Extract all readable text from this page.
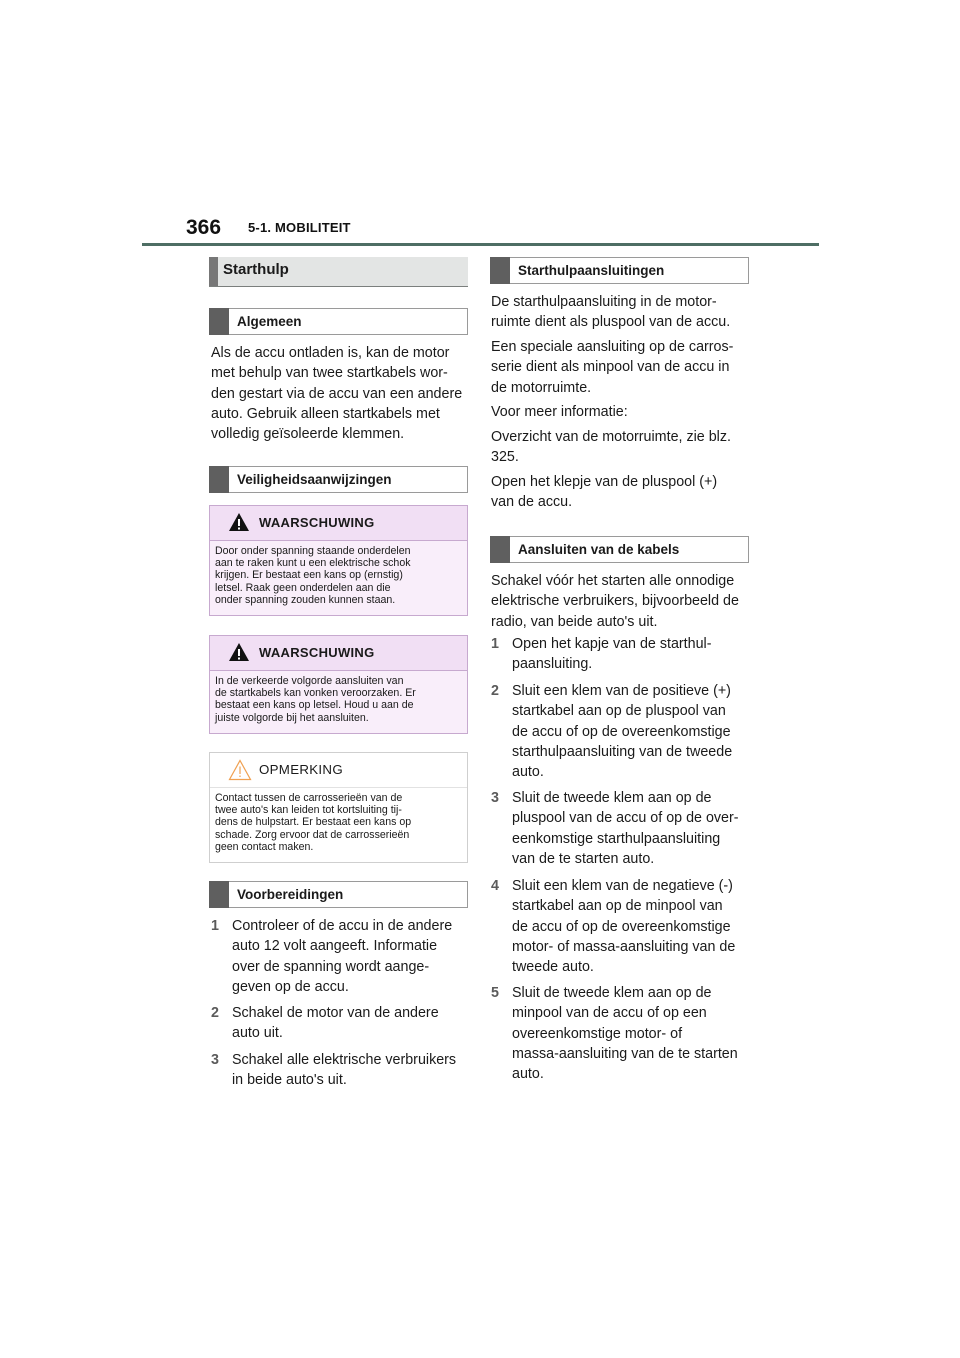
366 5-1. MOBILITEIT
Starthulp
Algemeen
Als de accu ontladen is, kan de motor
met behulp van twee startkabels wor-
den gestart via de accu van een andere
auto. Gebruik alleen startkabels met
volledig geïsoleerde klemmen.
Veiligheidsaanwijzingen
WAARSCHUWING
Door onder spanning staande onderdelen
aan te raken kunt u een elektrische schok
krijgen. Er bestaat een kans op (ernstig)
letsel. Raak geen onderdelen aan die
onder spanning zouden kunnen staan.
WAARSCHUWING
In de verkeerde volgorde aansluiten van
de startkabels kan vonken veroorzaken. Er
bestaat een kans op letsel. Houd u aan de
juiste volgorde bij het aansluiten.
OPMERKING
Contact tussen de carrosserieën van de
twee auto's kan leiden tot kortsluiting tij-
dens de hulpstart. Er bestaat een kans op
schade. Zorg ervoor dat de carrosserieën
geen contact maken.
Voorbereidingen
1 Controleer of de accu in de andere
auto 12 volt aangeeft. Informatie
over de spanning wordt aange-
geven op de accu.
2 Schakel de motor van de andere
auto uit.
3 Schakel alle elektrische verbruikers
in beide auto's uit.
Starthulpaansluitingen
De starthulpaansluiting in de motor-
ruimte dient als pluspool van de accu.
Een speciale aansluiting op de carros-
serie dient als minpool van de accu in
de motorruimte.
Voor meer informatie:
Overzicht van de motorruimte, zie blz.
325.
Open het klepje van de pluspool (+)
van de accu.
Aansluiten van de kabels
Schakel vóór het starten alle onnodige
elektrische verbruikers, bijvoorbeeld de
radio, van beide auto's uit.
1 Open het kapje van de starthul-
paansluiting.
2 Sluit een klem van de positieve (+)
startkabel aan op de pluspool van
de accu of op de overeenkomstige
starthulpaansluiting van de tweede
auto.
3 Sluit de tweede klem aan op de
pluspool van de accu of op de over-
eenkomstige starthulpaansluiting
van de te starten auto.
4 Sluit een klem van de negatieve (-)
startkabel aan op de minpool van
de accu of op de overeenkomstige
motor- of massa-aansluiting van de
tweede auto.
5 Sluit de tweede klem aan op de
minpool van de accu of op een
overeenkomstige motor- of
massa-aansluiting van de te starten
auto.
